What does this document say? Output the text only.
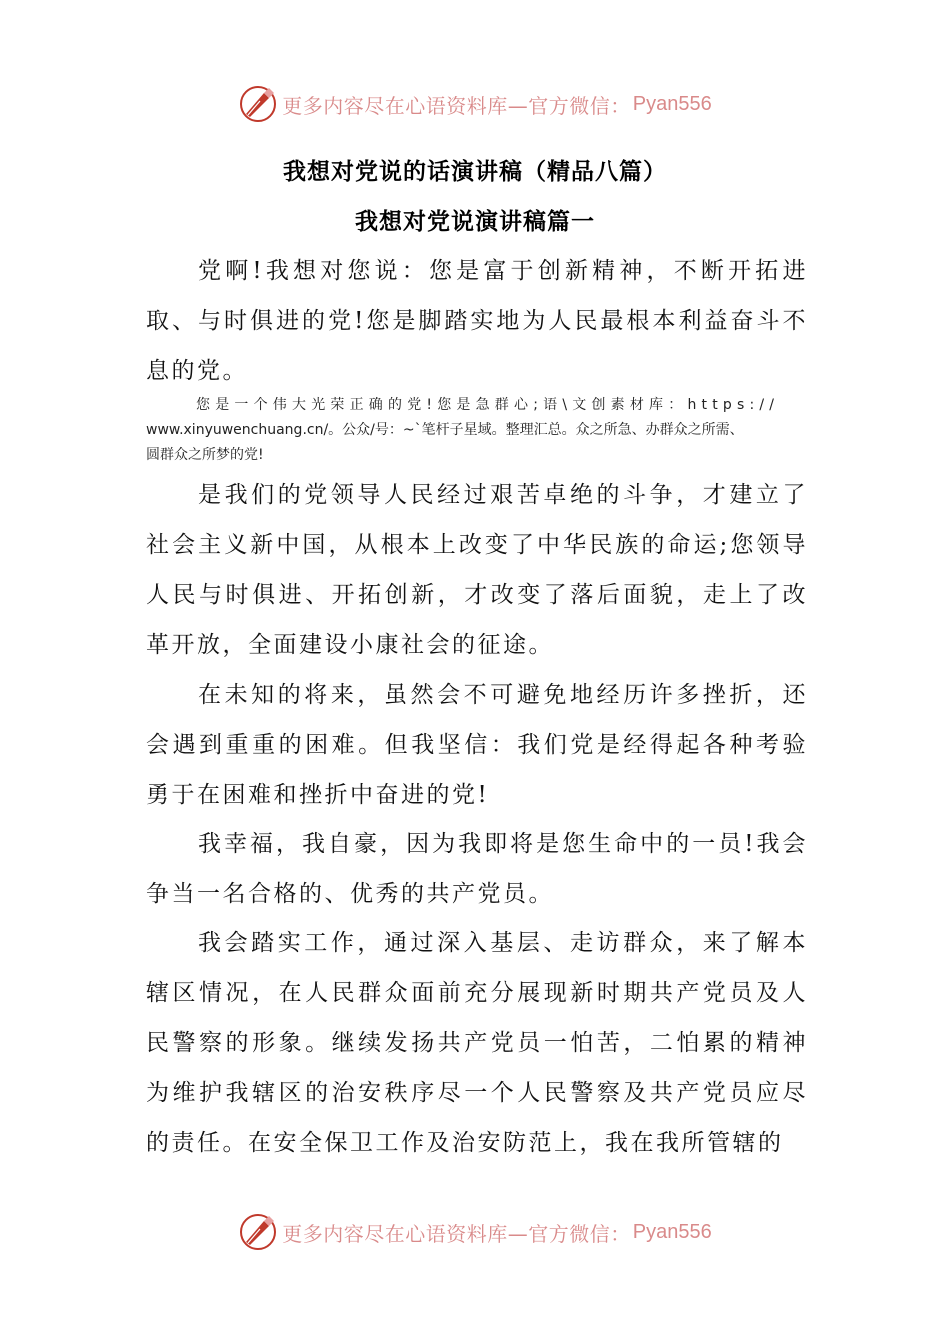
更多内容尽在心语资料库—官方微信： Pyan556
我想对党说的话演讲稿（精品八篇）
我想对党说演讲稿篇一

党啊!我想对您说：您是富于创新精神，不断开拓进取、与时俱进的党!您是脚踏实地为人民最根本利益奋斗不息的党。

您是一个伟大光荣正确的党!您是急群心;语\文创素材库：https://
www.xinyuwenchuang.cn/。公众/号：~`笔杆子星域。整理汇总。众之所急、办群众之所需、
圆群众之所梦的党!

是我们的党领导人民经过艰苦卓绝的斗争，才建立了社会主义新中国，从根本上改变了中华民族的命运;您领导人民与时俱进、开拓创新，才改变了落后面貌，走上了改革开放，全面建设小康社会的征途。

在未知的将来，虽然会不可避免地经历许多挫折，还会遇到重重的困难。但我坚信：我们党是经得起各种考验勇于在困难和挫折中奋进的党!

我幸福，我自豪，因为我即将是您生命中的一员!我会争当一名合格的、优秀的共产党员。

我会踏实工作，通过深入基层、走访群众，来了解本辖区情况，在人民群众面前充分展现新时期共产党员及人民警察的形象。继续发扬共产党员一怕苦，二怕累的精神为维护我辖区的治安秩序尽一个人民警察及共产党员应尽的责任。在安全保卫工作及治安防范上，我在我所管辖的

更多内容尽在心语资料库—官方微信： Pyan556
